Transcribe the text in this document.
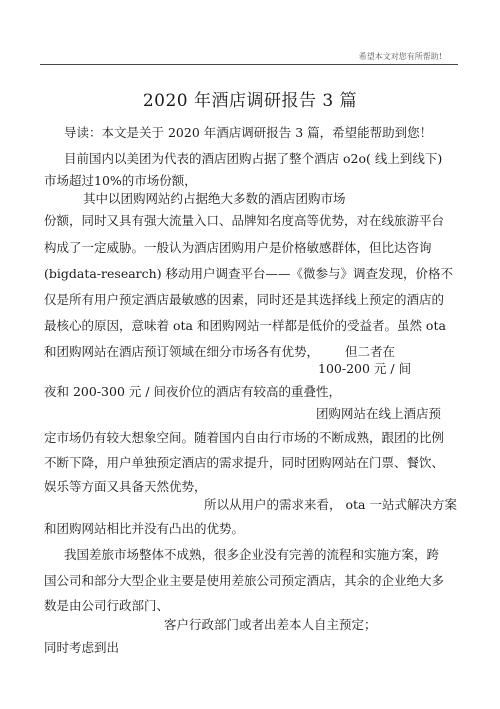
希望本文对您有所帮助!
2020 年酒店调研报告 3 篇
导读：本文是关于 2020 年酒店调研报告 3 篇，希望能帮助到您！
目前国内以美团为代表的酒店团购占据了整个酒店 o2o( 线上到线下)
市场超过10%的市场份额，
其中以团购网站约占据绝大多数的酒店团购市场
份额，同时又具有强大流量入口、品牌知名度高等优势，对在线旅游平台
构成了一定威胁。一般认为酒店团购用户是价格敏感群体，但比达咨询
(bigdata-research) 移动用户调查平台——《微参与》调查发现，价格不
仅是所有用户预定酒店最敏感的因素，同时还是其选择线上预定的酒店的
最核心的原因，意味着 ota 和团购网站一样都是低价的受益者。虽然 ota
和团购网站在酒店预订领域在细分市场各有优势， 但二者在
100-200 元 / 间
夜和 200-300 元 / 间夜价位的酒店有较高的重叠性，
团购网站在线上酒店预
定市场仍有较大想象空间。随着国内自由行市场的不断成熟，跟团的比例
不断下降，用户单独预定酒店的需求提升，同时团购网站在门票、餐饮、
娱乐等方面又具备天然优势，
所以从用户的需求来看， ota 一站式解决方案
和团购网站相比并没有凸出的优势。
我国差旅市场整体不成熟，很多企业没有完善的流程和实施方案，跨
国公司和部分大型企业主要是使用差旅公司预定酒店，其余的企业绝大多
数是由公司行政部门、
客户行政部门或者出差本人自主预定；
同时考虑到出
